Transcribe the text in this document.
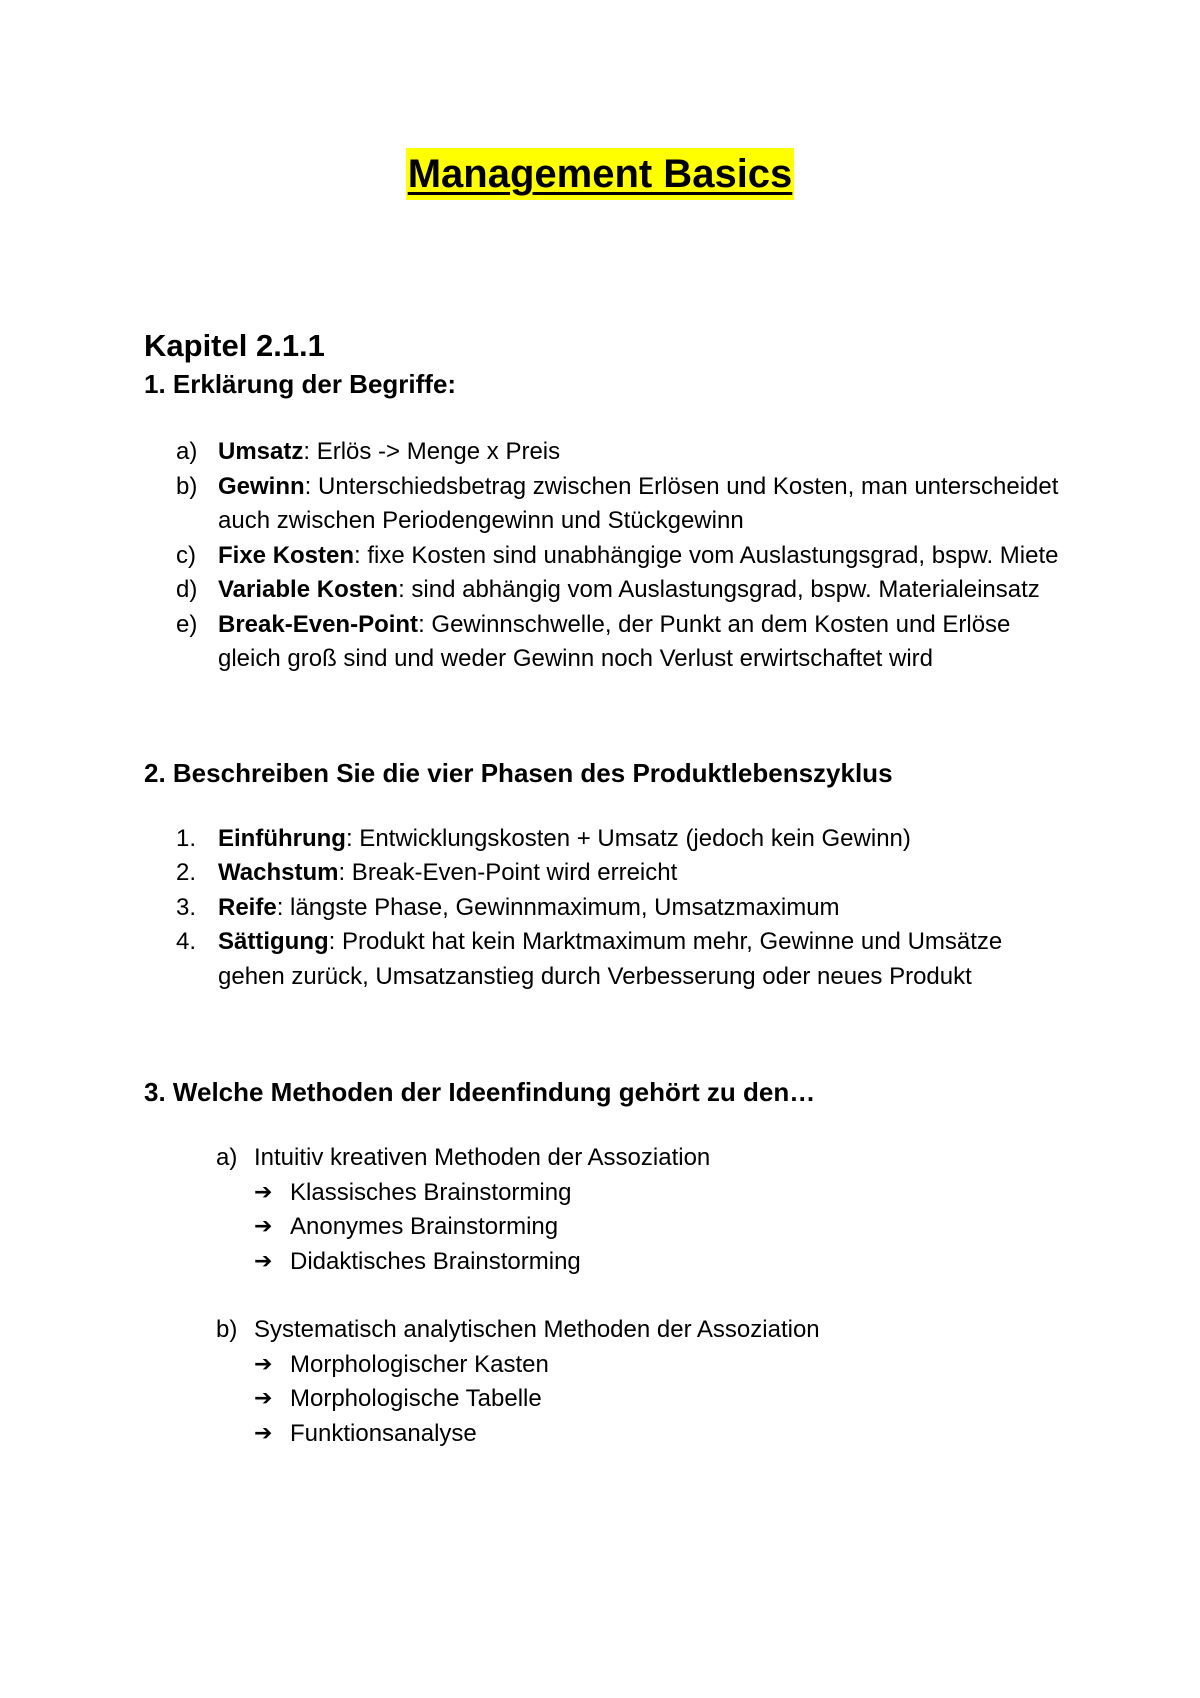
Management Basics
Kapitel 2.1.1
1. Erklärung der Begriffe:
a) Umsatz: Erlös -> Menge x Preis
b) Gewinn: Unterschiedsbetrag zwischen Erlösen und Kosten, man unterscheidet auch zwischen Periodengewinn und Stückgewinn
c) Fixe Kosten: fixe Kosten sind unabhängige vom Auslastungsgrad, bspw. Miete
d) Variable Kosten: sind abhängig vom Auslastungsgrad, bspw. Materialeinsatz
e) Break-Even-Point: Gewinnschwelle, der Punkt an dem Kosten und Erlöse gleich groß sind und weder Gewinn noch Verlust erwirtschaftet wird
2. Beschreiben Sie die vier Phasen des Produktlebenszyklus
1. Einführung: Entwicklungskosten + Umsatz (jedoch kein Gewinn)
2. Wachstum: Break-Even-Point wird erreicht
3. Reife: längste Phase, Gewinnmaximum, Umsatzmaximum
4. Sättigung: Produkt hat kein Marktmaximum mehr, Gewinne und Umsätze gehen zurück, Umsatzanstieg durch Verbesserung oder neues Produkt
3. Welche Methoden der Ideenfindung gehört zu den…
a) Intuitiv kreativen Methoden der Assoziation
➔ Klassisches Brainstorming
➔ Anonymes Brainstorming
➔ Didaktisches Brainstorming
b) Systematisch analytischen Methoden der Assoziation
➔ Morphologischer Kasten
➔ Morphologische Tabelle
➔ Funktionsanalyse
